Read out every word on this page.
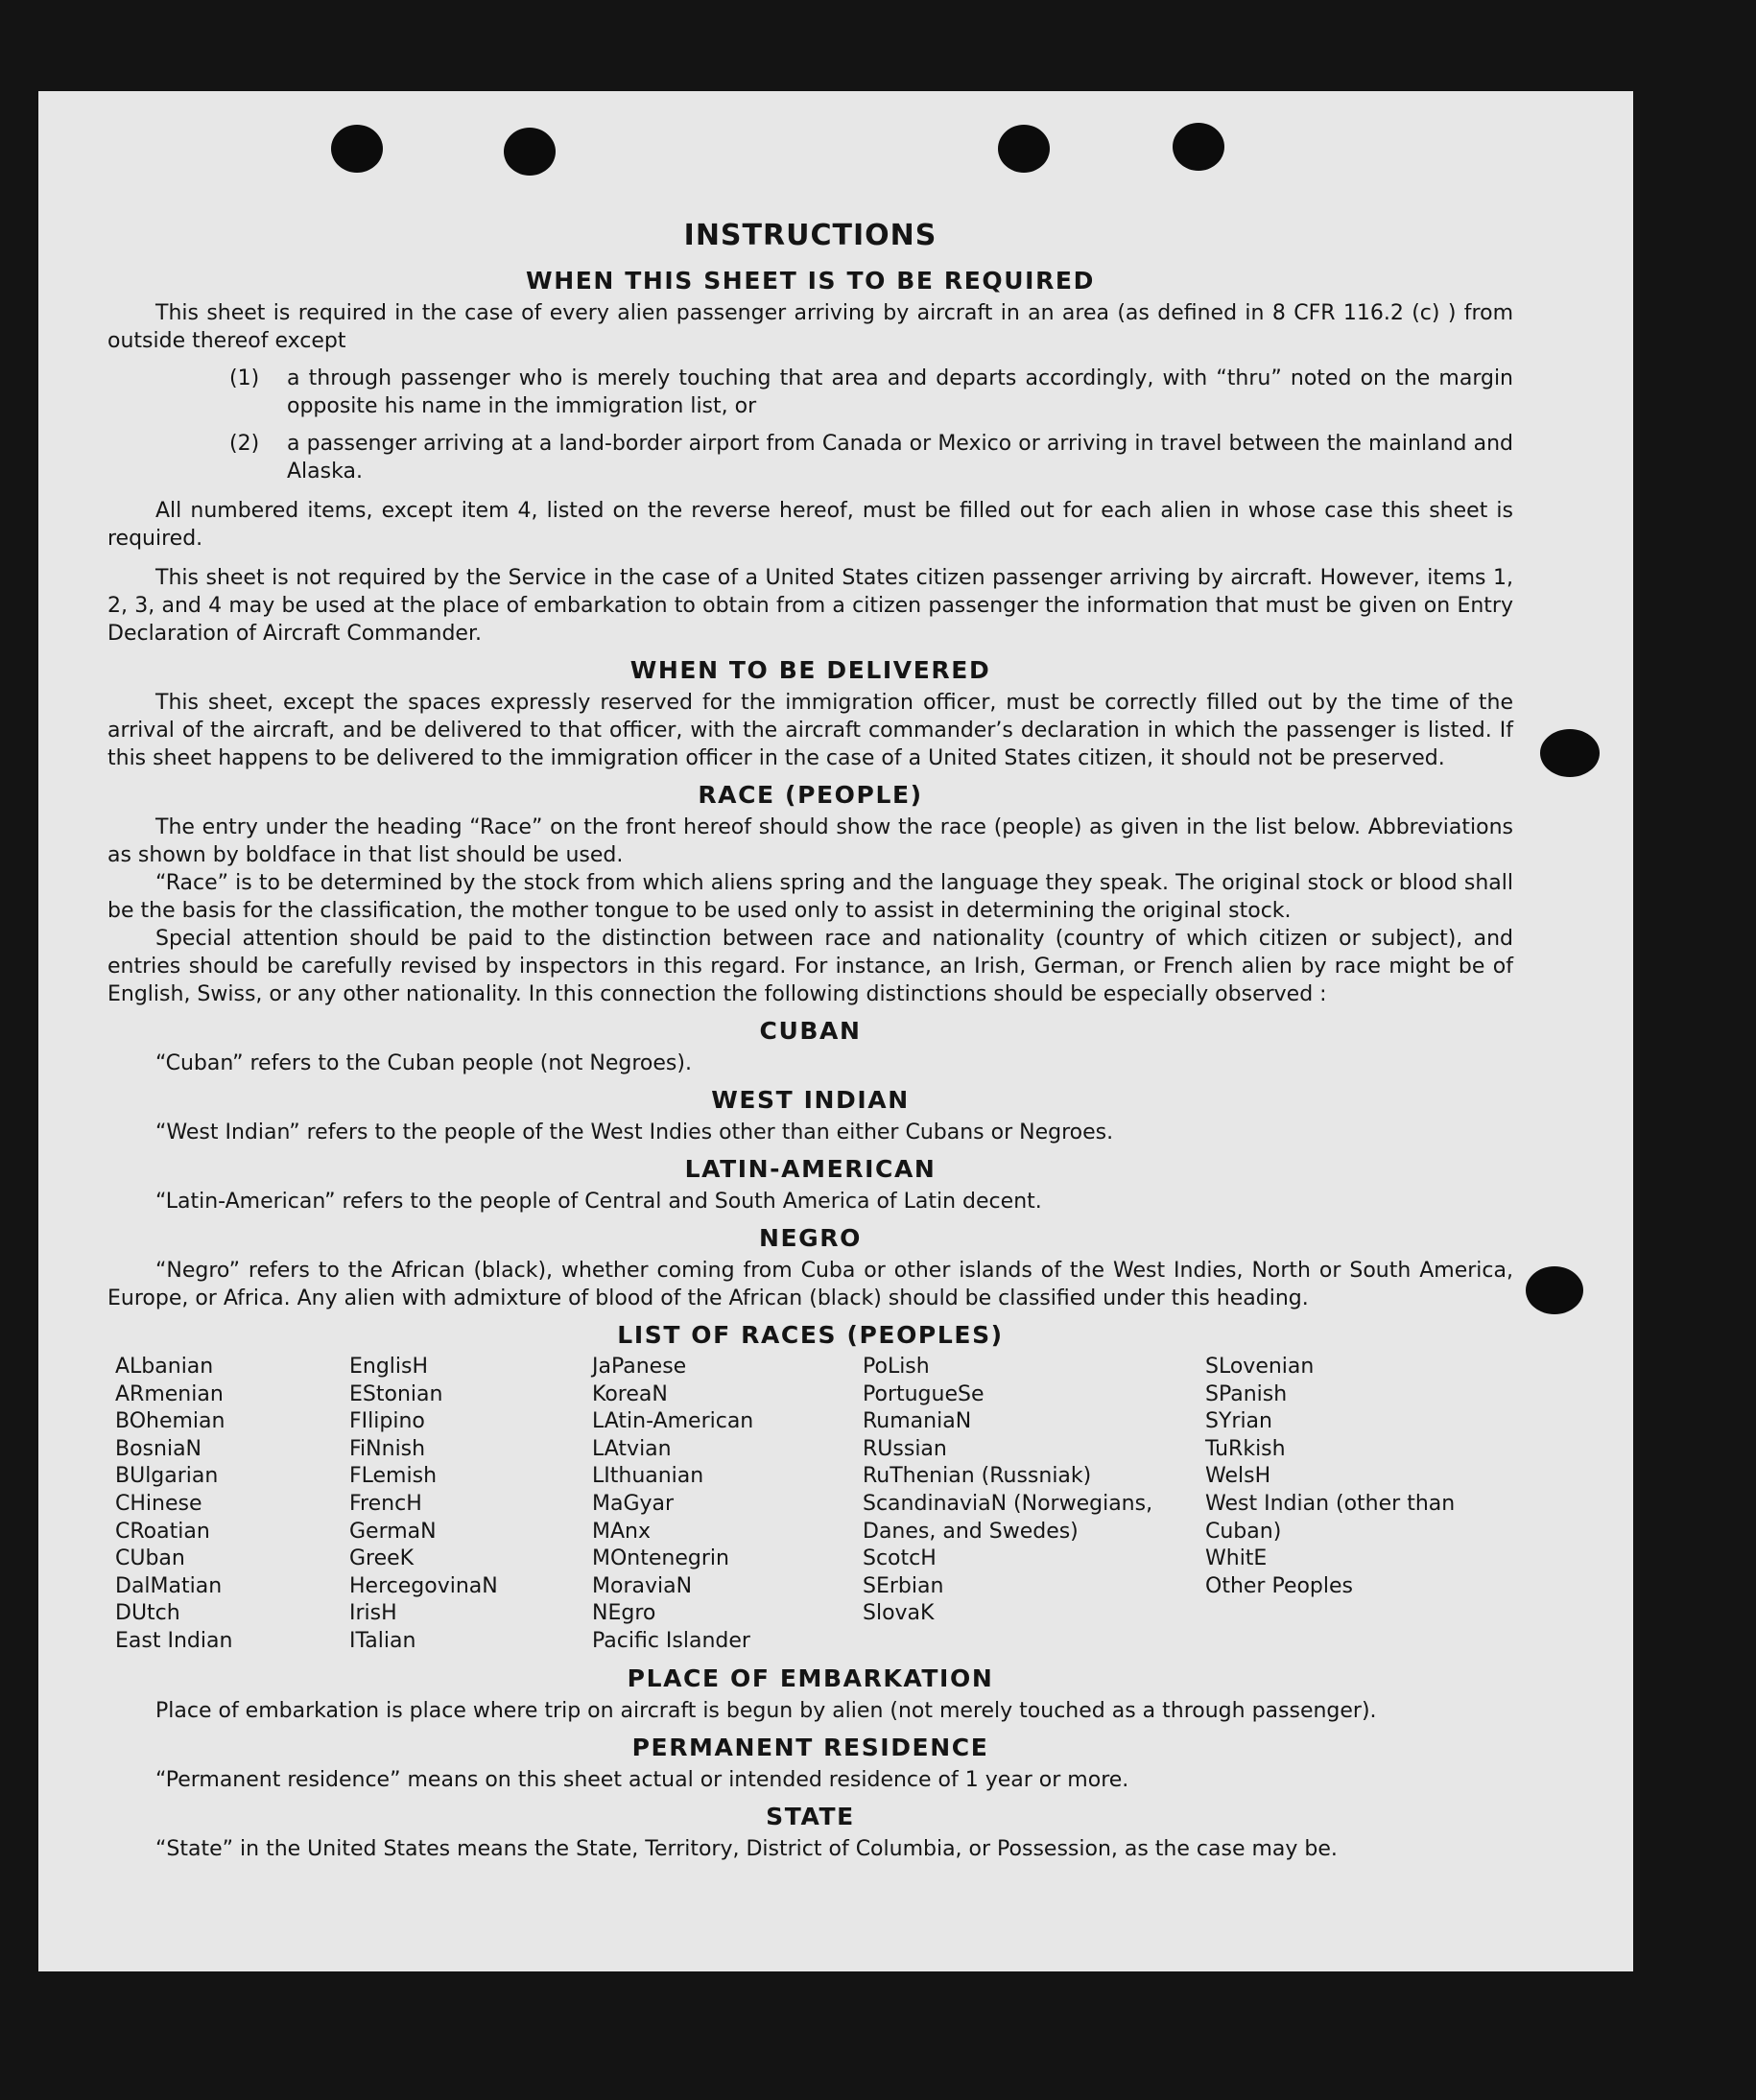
INSTRUCTIONS
WHEN THIS SHEET IS TO BE REQUIRED

This sheet is required in the case of every alien passenger arriving by aircraft in an area (as defined in 8 CFR 116.2 (c) ) from outside thereof except

(1)	a through passenger who is merely touching that area and departs accordingly, with “thru” noted on the margin opposite his name in the immigration list, or
(2)	a passenger arriving at a land-border airport from Canada or Mexico or arriving in travel between the mainland and Alaska.

All numbered items, except item 4, listed on the reverse hereof, must be filled out for each alien in whose case this sheet is required.

This sheet is not required by the Service in the case of a United States citizen passenger arriving by aircraft. However, items 1, 2, 3, and 4 may be used at the place of embarkation to obtain from a citizen passenger the information that must be given on Entry Declaration of Aircraft Commander.

WHEN TO BE DELIVERED

This sheet, except the spaces expressly reserved for the immigration officer, must be correctly filled out by the time of the arrival of the aircraft, and be delivered to that officer, with the aircraft commander’s declaration in which the passenger is listed. If this sheet happens to be delivered to the immigration officer in the case of a United States citizen, it should not be preserved.

RACE (PEOPLE)

The entry under the heading “Race” on the front hereof should show the race (people) as given in the list below. Abbreviations as shown by boldface in that list should be used.

“Race” is to be determined by the stock from which aliens spring and the language they speak. The original stock or blood shall be the basis for the classification, the mother tongue to be used only to assist in determining the original stock.

Special attention should be paid to the distinction between race and nationality (country of which citizen or subject), and entries should be carefully revised by inspectors in this regard. For instance, an Irish, German, or French alien by race might be of English, Swiss, or any other nationality. In this connection the following distinctions should be especially observed :

CUBAN

“Cuban” refers to the Cuban people (not Negroes).

WEST INDIAN

“West Indian” refers to the people of the West Indies other than either Cubans or Negroes.

LATIN-AMERICAN

“Latin-American” refers to the people of Central and South America of Latin decent.

NEGRO

“Negro” refers to the African (black), whether coming from Cuba or other islands of the West Indies, North or South America, Europe, or Africa. Any alien with admixture of blood of the African (black) should be classified under this heading.

LIST OF RACES (PEOPLES)
ALbanian
ARmenian
BOhemian
BosniaN
BUlgarian
CHinese
CRoatian
CUban
DalMatian
DUtch
East Indian
EnglisH
EStonian
FIlipino
FiNnish
FLemish
FrencH
GermaN
GreeK
HercegovinaN
IrisH
ITalian
JaPanese
KoreaN
LAtin-American
LAtvian
LIthuanian
MaGyar
MAnx
MOntenegrin
MoraviaN
NEgro
Pacific Islander
PoLish
PortugueSe
RumaniaN
RUssian
RuThenian (Russniak)
ScandinaviaN (Norwegians, Danes, and Swedes)
ScotcH
SErbian
SlovaK
SLovenian
SPanish
SYrian
TuRkish
WelsH
West Indian (other than Cuban)
WhitE
Other Peoples
PLACE OF EMBARKATION

Place of embarkation is place where trip on aircraft is begun by alien (not merely touched as a through passenger).

PERMANENT RESIDENCE

“Permanent residence” means on this sheet actual or intended residence of 1 year or more.

STATE

“State” in the United States means the State, Territory, District of Columbia, or Possession, as the case may be.
